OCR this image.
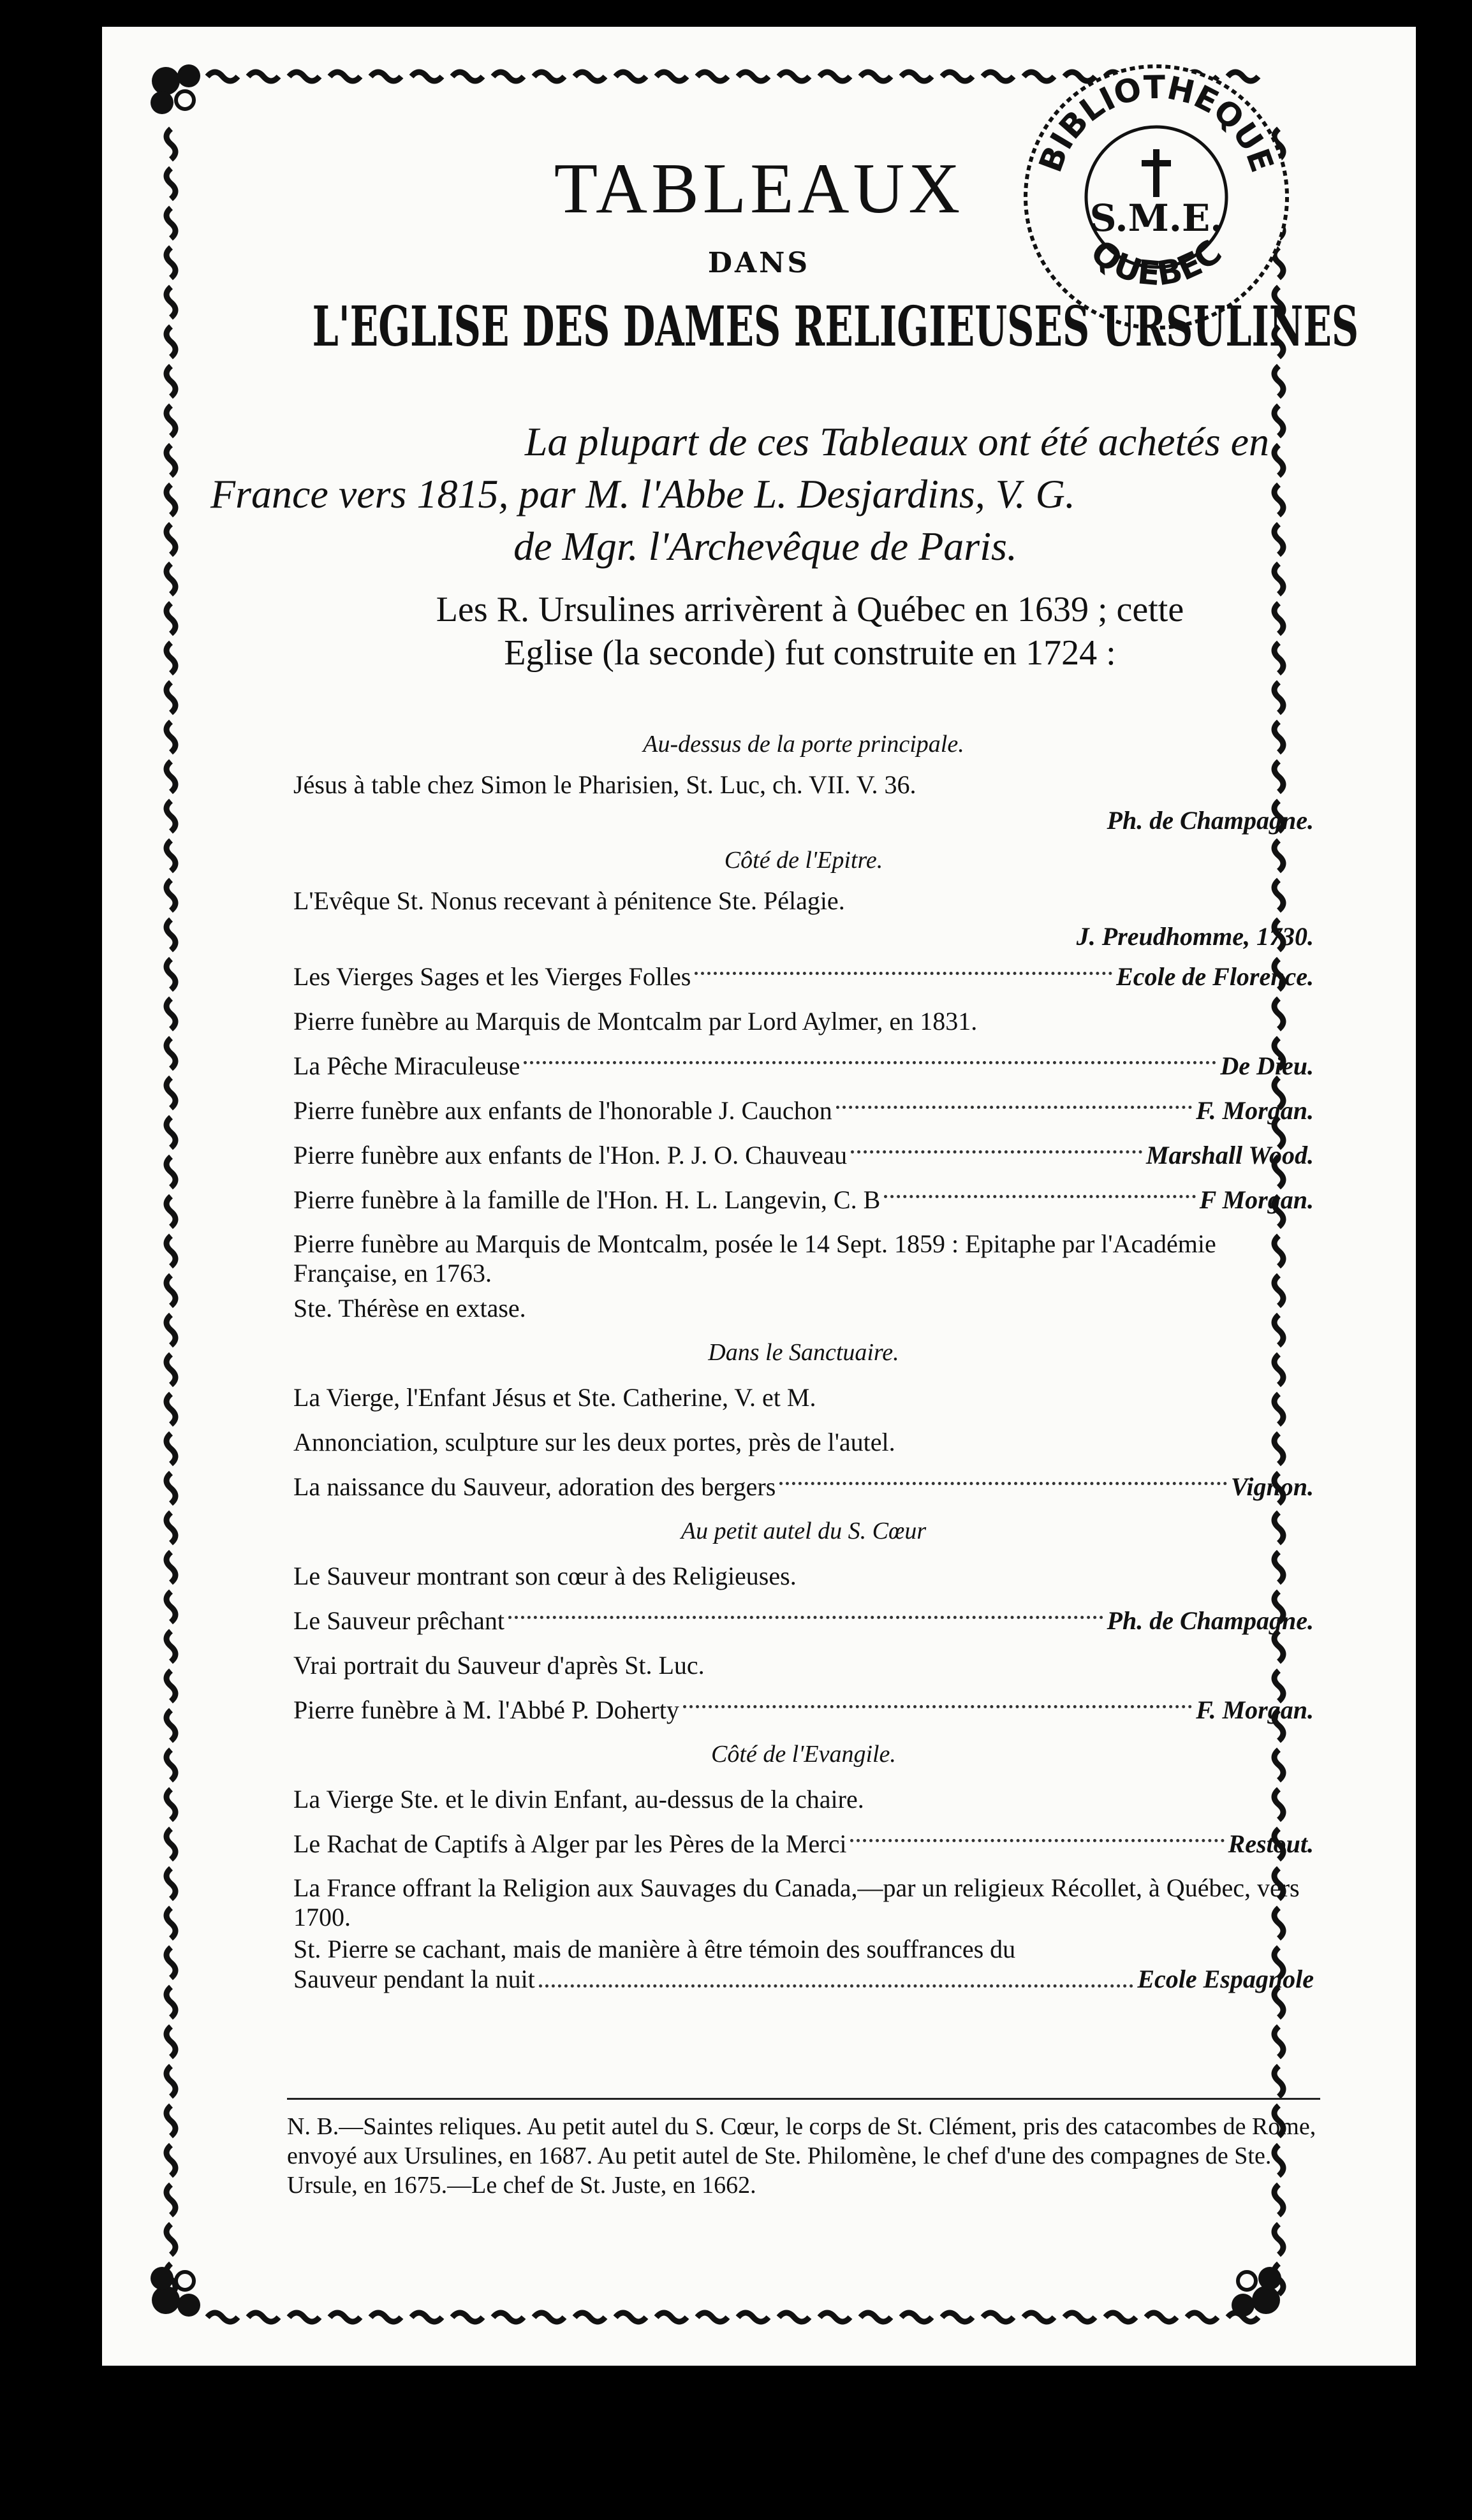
BIBLIOTHEQUE
QUEBEC
S.M.E.
TABLEAUX
DANS
L'EGLISE DES DAMES RELIGIEUSES URSULINES
La plupart de ces Tableaux ont été achetés en
France vers 1815, par M. l'Abbe L. Desjardins, V. G.
de Mgr. l'Archevêque de Paris.
Les R. Ursulines arrivèrent à Québec en 1639 ; cette
Eglise (la seconde) fut construite en 1724 :
Au-dessus de la porte principale.
Jésus à table chez Simon le Pharisien, St. Luc, ch. VII. V. 36.
Ph. de Champagne.
Côté de l'Epitre.
L'Evêque St. Nonus recevant à pénitence Ste. Pélagie.
J. Preudhomme, 1730.
Les Vierges Sages et les Vierges Folles	Ecole de Florence.
Pierre funèbre au Marquis de Montcalm par Lord Aylmer, en 1831.
La Pêche Miraculeuse	De Dieu.
Pierre funèbre aux enfants de l'honorable J. Cauchon	F. Morgan.
Pierre funèbre aux enfants de l'Hon. P. J. O. Chauveau	Marshall Wood.
Pierre funèbre à la famille de l'Hon. H. L. Langevin, C. B	F Morgan.
Pierre funèbre au Marquis de Montcalm, posée le 14 Sept. 1859 : Epitaphe par l'Académie Française, en 1763.
Ste. Thérèse en extase.
Dans le Sanctuaire.
La Vierge, l'Enfant Jésus et Ste. Catherine, V. et M.
Annonciation, sculpture sur les deux portes, près de l'autel.
La naissance du Sauveur, adoration des bergers	Vignon.
Au petit autel du S. Cœur
Le Sauveur montrant son cœur à des Religieuses.
Le Sauveur prêchant	Ph. de Champagne.
Vrai portrait du Sauveur d'après St. Luc.
Pierre funèbre à M. l'Abbé P. Doherty	F. Morgan.
Côté de l'Evangile.
La Vierge Ste. et le divin Enfant, au-dessus de la chaire.
Le Rachat de Captifs à Alger par les Pères de la Merci	Restout.
La France offrant la Religion aux Sauvages du Canada,—par un religieux Récollet, à Québec, vers 1700.
St. Pierre se cachant, mais de manière à être témoin des souffrances du
Sauveur pendant la nuit	Ecole Espagnole
N. B.—Saintes reliques. Au petit autel du S. Cœur, le corps de St. Clément, pris des catacombes de Rome, envoyé aux Ursulines, en 1687. Au petit autel de Ste. Philomène, le chef d'une des compagnes de Ste. Ursule, en 1675.—Le chef de St. Juste, en 1662.
